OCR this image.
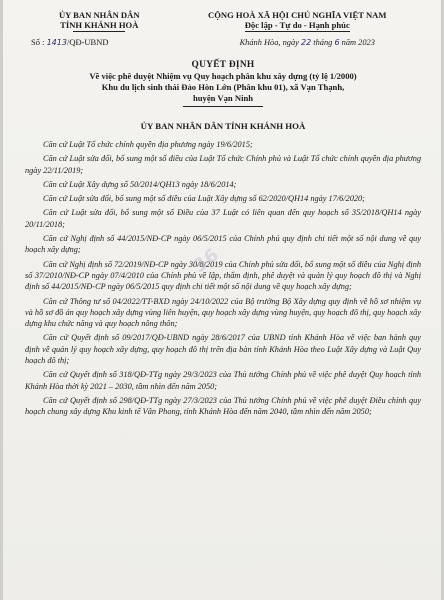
ỦY BAN NHÂN DÂN
TỈNH KHÁNH HOÀ
Số : 1413/QĐ-UBND
CỘNG HOÀ XÃ HỘI CHỦ NGHĨA VIỆT NAM
Độc lập - Tự do - Hạnh phúc
Khánh Hòa, ngày 22 tháng 6 năm 2023
QUYẾT ĐỊNH
Về việc phê duyệt Nhiệm vụ Quy hoạch phân khu xây dựng (tỷ lệ 1/2000)
Khu du lịch sinh thái Đảo Hòn Lớn (Phân khu 01), xã Vạn Thạnh,
huyện Vạn Ninh
ỦY BAN NHÂN DÂN TỈNH KHÁNH HOÀ

Căn cứ Luật Tổ chức chính quyền địa phương ngày 19/6/2015;

Căn cứ Luật sửa đổi, bổ sung một số điều của Luật Tổ chức Chính phủ và Luật Tổ chức chính quyền địa phương ngày 22/11/2019;

Căn cứ Luật Xây dựng số 50/2014/QH13 ngày 18/6/2014;

Căn cứ Luật sửa đổi, bổ sung một số điều của Luật Xây dựng số 62/2020/QH14 ngày 17/6/2020;

Căn cứ Luật sửa đổi, bổ sung một số Điều của 37 Luật có liên quan đến quy hoạch số 35/2018/QH14 ngày 20/11/2018;

Căn cứ Nghị định số 44/2015/NĐ-CP ngày 06/5/2015 của Chính phủ quy định chi tiết một số nội dung về quy hoạch xây dựng;

Căn cứ Nghị định số 72/2019/NĐ-CP ngày 30/8/2019 của Chính phủ sửa đổi, bổ sung một số điều của Nghị định số 37/2010/NĐ-CP ngày 07/4/2010 của Chính phủ về lập, thẩm định, phê duyệt và quản lý quy hoạch đô thị và Nghị định số 44/2015/NĐ-CP ngày 06/5/2015 quy định chi tiết một số nội dung về quy hoạch xây dựng;

Căn cứ Thông tư số 04/2022/TT-BXD ngày 24/10/2022 của Bộ trưởng Bộ Xây dựng quy định về hồ sơ nhiệm vụ và hồ sơ đồ án quy hoạch xây dựng vùng liên huyện, quy hoạch xây dựng vùng huyện, quy hoạch đô thị, quy hoạch xây dựng khu chức năng và quy hoạch nông thôn;

Căn cứ Quyết định số 09/2017/QĐ-UBND ngày 28/6/2017 của UBND tỉnh Khánh Hòa về việc ban hành quy định về quản lý quy hoạch xây dựng, quy hoạch đô thị trên địa bàn tỉnh Khánh Hòa theo Luật Xây dựng và Luật Quy hoạch đô thị;

Căn cứ Quyết định số 318/QĐ-TTg ngày 29/3/2023 của Thủ tướng Chính phủ về việc phê duyệt Quy hoạch tỉnh Khánh Hòa thời kỳ 2021 – 2030, tầm nhìn đến năm 2050;

Căn cứ Quyết định số 298/QĐ-TTg ngày 27/3/2023 của Thủ tướng Chính phủ về việc phê duyệt Điều chỉnh quy hoạch chung xây dựng Khu kinh tế Vân Phong, tỉnh Khánh Hòa đến năm 2040, tầm nhìn đến năm 2050;

36
